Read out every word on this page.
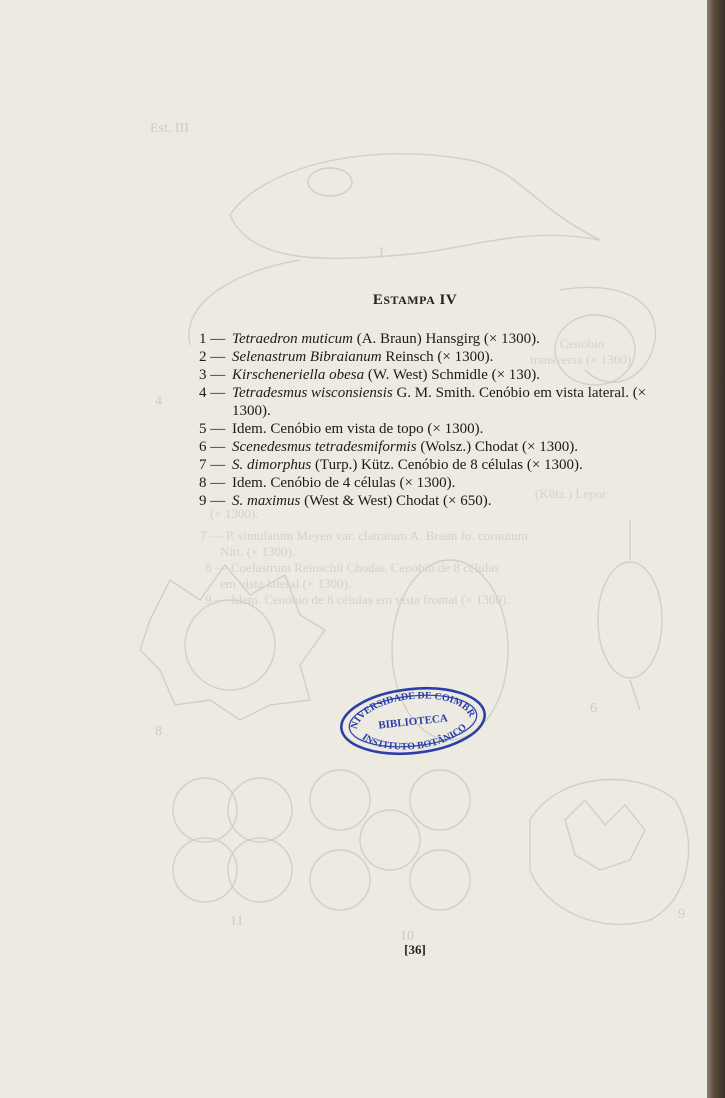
Est. III
1
4
11
10
6
8
9
Cenóbio
transversa (× 1300)
(Kütz.) Lepor
(× 1300).
7 — P. simulatum Meyen var. clatratum A. Braun fo. cornutum
Nitt. (× 1300).
8 — Coelastrum Reinschii Chodat. Cenóbio de 8 células
em vista lateral (× 1300).
9 — Idem. Cenóbio de 8 células em vista frontal (× 1300).
ESTAMPA IV
1 — Tetraedron muticum (A. Braun) Hansgirg (× 1300).
2 — Selenastrum Bibraianum Reinsch (× 1300).
3 — Kirscheneriella obesa (W. West) Schmidle (× 130).
4 — Tetradesmus wisconsiensis G. M. Smith. Cenóbio em vista lateral. (× 1300).
5 — Idem. Cenóbio em vista de topo (× 1300).
6 — Scenedesmus tetradesmiformis (Wolsz.) Chodat (× 1300).
7 — S. dimorphus (Turp.) Kütz. Cenóbio de 8 células (× 1300).
8 — Idem. Cenóbio de 4 células (× 1300).
9 — S. maximus (West & West) Chodat (× 650).
UNIVERSIDADE DE COIMBRA
BIBLIOTECA
INSTITUTO BOTÂNICO
[36]
